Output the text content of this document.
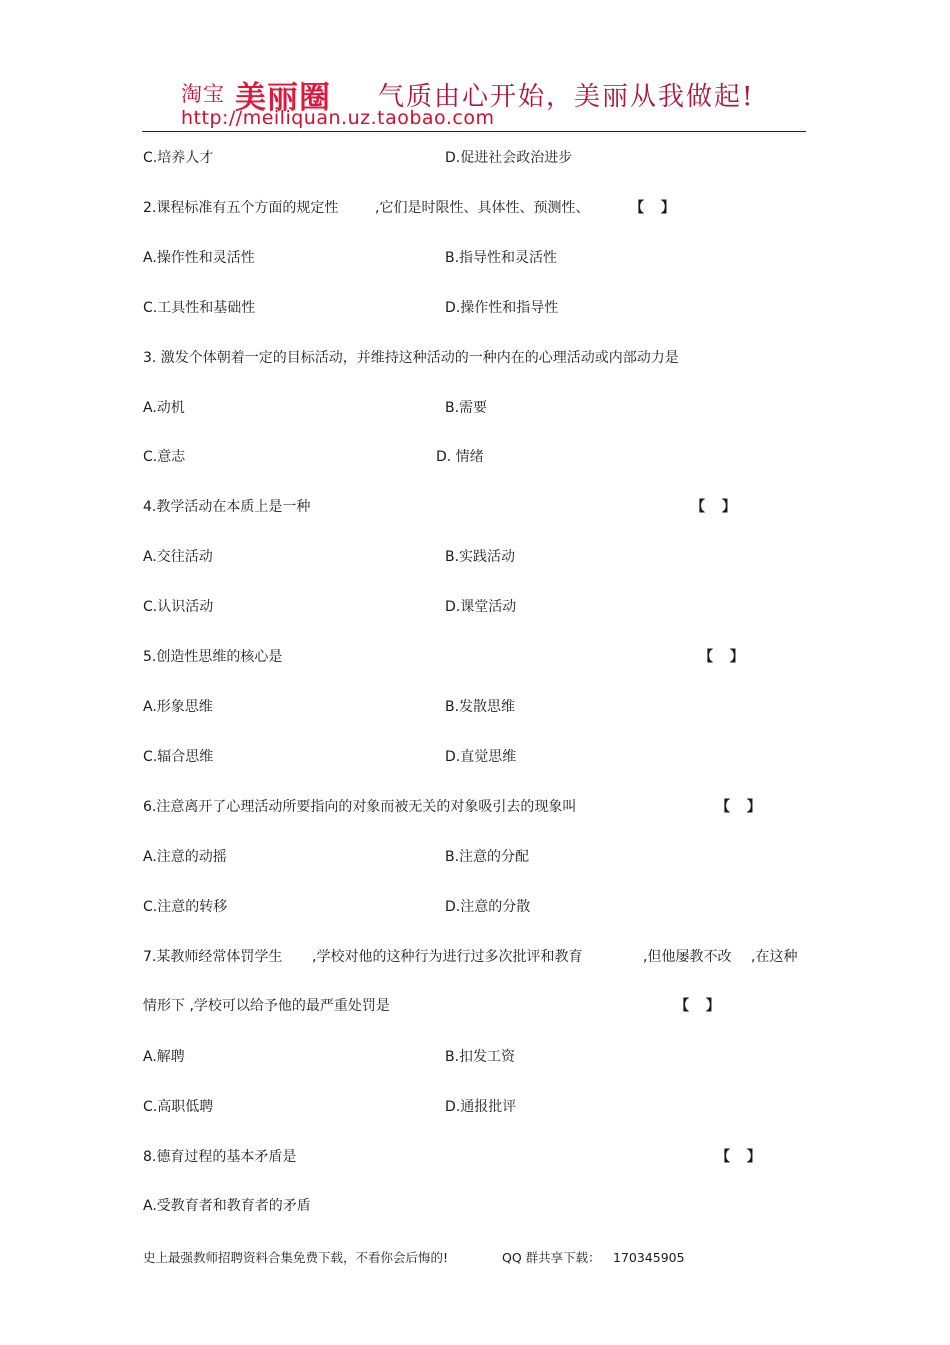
淘宝 美丽圈 气质由心开始，美丽从我做起!
http://meiliquan.uz.taobao.com
C.培养人才	D.促进社会政治进步
2.课程标准有五个方面的规定性	,它们是时限性、具体性、预测性、	【 】
A.操作性和灵活性	B.指导性和灵活性
C.工具性和基础性	D.操作性和指导性
3. 激发个体朝着一定的目标活动，并维持这种活动的一种内在的心理活动或内部动力是
A.动机	B.需要
C.意志	D. 情绪
4.教学活动在本质上是一种	【 】
A.交往活动	B.实践活动
C.认识活动	D.课堂活动
5.创造性思维的核心是	【 】
A.形象思维	B.发散思维
C.辐合思维	D.直觉思维
6.注意离开了心理活动所要指向的对象而被无关的对象吸引去的现象叫	【 】
A.注意的动摇	B.注意的分配
C.注意的转移	D.注意的分散
7.某教师经常体罚学生 ,学校对他的这种行为进行过多次批评和教育	,但他屡教不改 ,在这种
情形下 ,学校可以给予他的最严重处罚是	【 】
A.解聘	B.扣发工资
C.高职低聘	D.通报批评
8.德育过程的基本矛盾是	【 】
A.受教育者和教育者的矛盾
史上最强教师招聘资料合集免费下载，不看你会后悔的!	QQ 群共享下载： 170345905
